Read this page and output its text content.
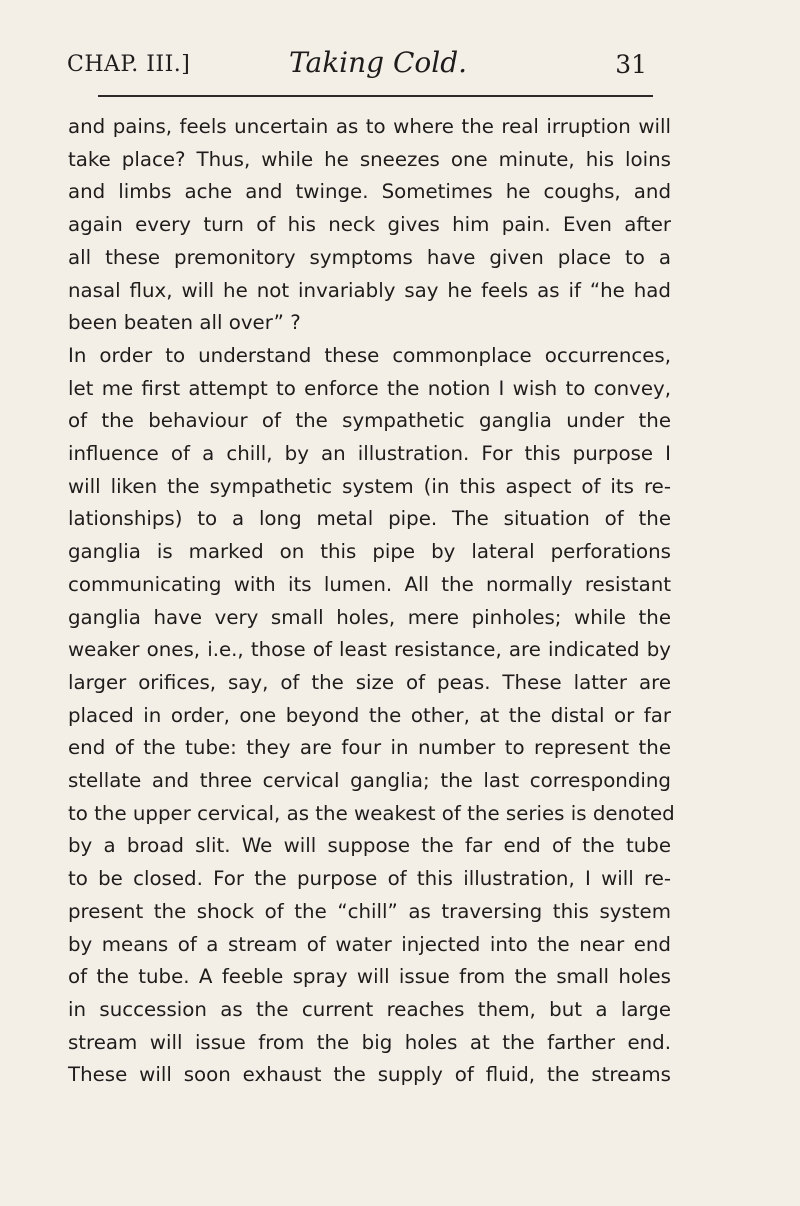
CHAP. III.]	Taking Cold.	31
and pains, feels uncertain as to where the real irruption will
take place? Thus, while he sneezes one minute, his loins
and limbs ache and twinge. Sometimes he coughs, and
again every turn of his neck gives him pain. Even after
all these premonitory symptoms have given place to a
nasal flux, will he not invariably say he feels as if “he had
been beaten all over” ?
In order to understand these commonplace occurrences,
let me first attempt to enforce the notion I wish to convey,
of the behaviour of the sympathetic ganglia under the
influence of a chill, by an illustration. For this purpose I
will liken the sympathetic system (in this aspect of its re-
lationships) to a long metal pipe. The situation of the
ganglia is marked on this pipe by lateral perforations
communicating with its lumen. All the normally resistant
ganglia have very small holes, mere pinholes; while the
weaker ones, i.e., those of least resistance, are indicated by
larger orifices, say, of the size of peas. These latter are
placed in order, one beyond the other, at the distal or far
end of the tube: they are four in number to represent the
stellate and three cervical ganglia; the last corresponding
to the upper cervical, as the weakest of the series is denoted
by a broad slit. We will suppose the far end of the tube
to be closed. For the purpose of this illustration, I will re-
present the shock of the “chill” as traversing this system
by means of a stream of water injected into the near end
of the tube. A feeble spray will issue from the small holes
in succession as the current reaches them, but a large
stream will issue from the big holes at the farther end.
These will soon exhaust the supply of fluid, the streams
